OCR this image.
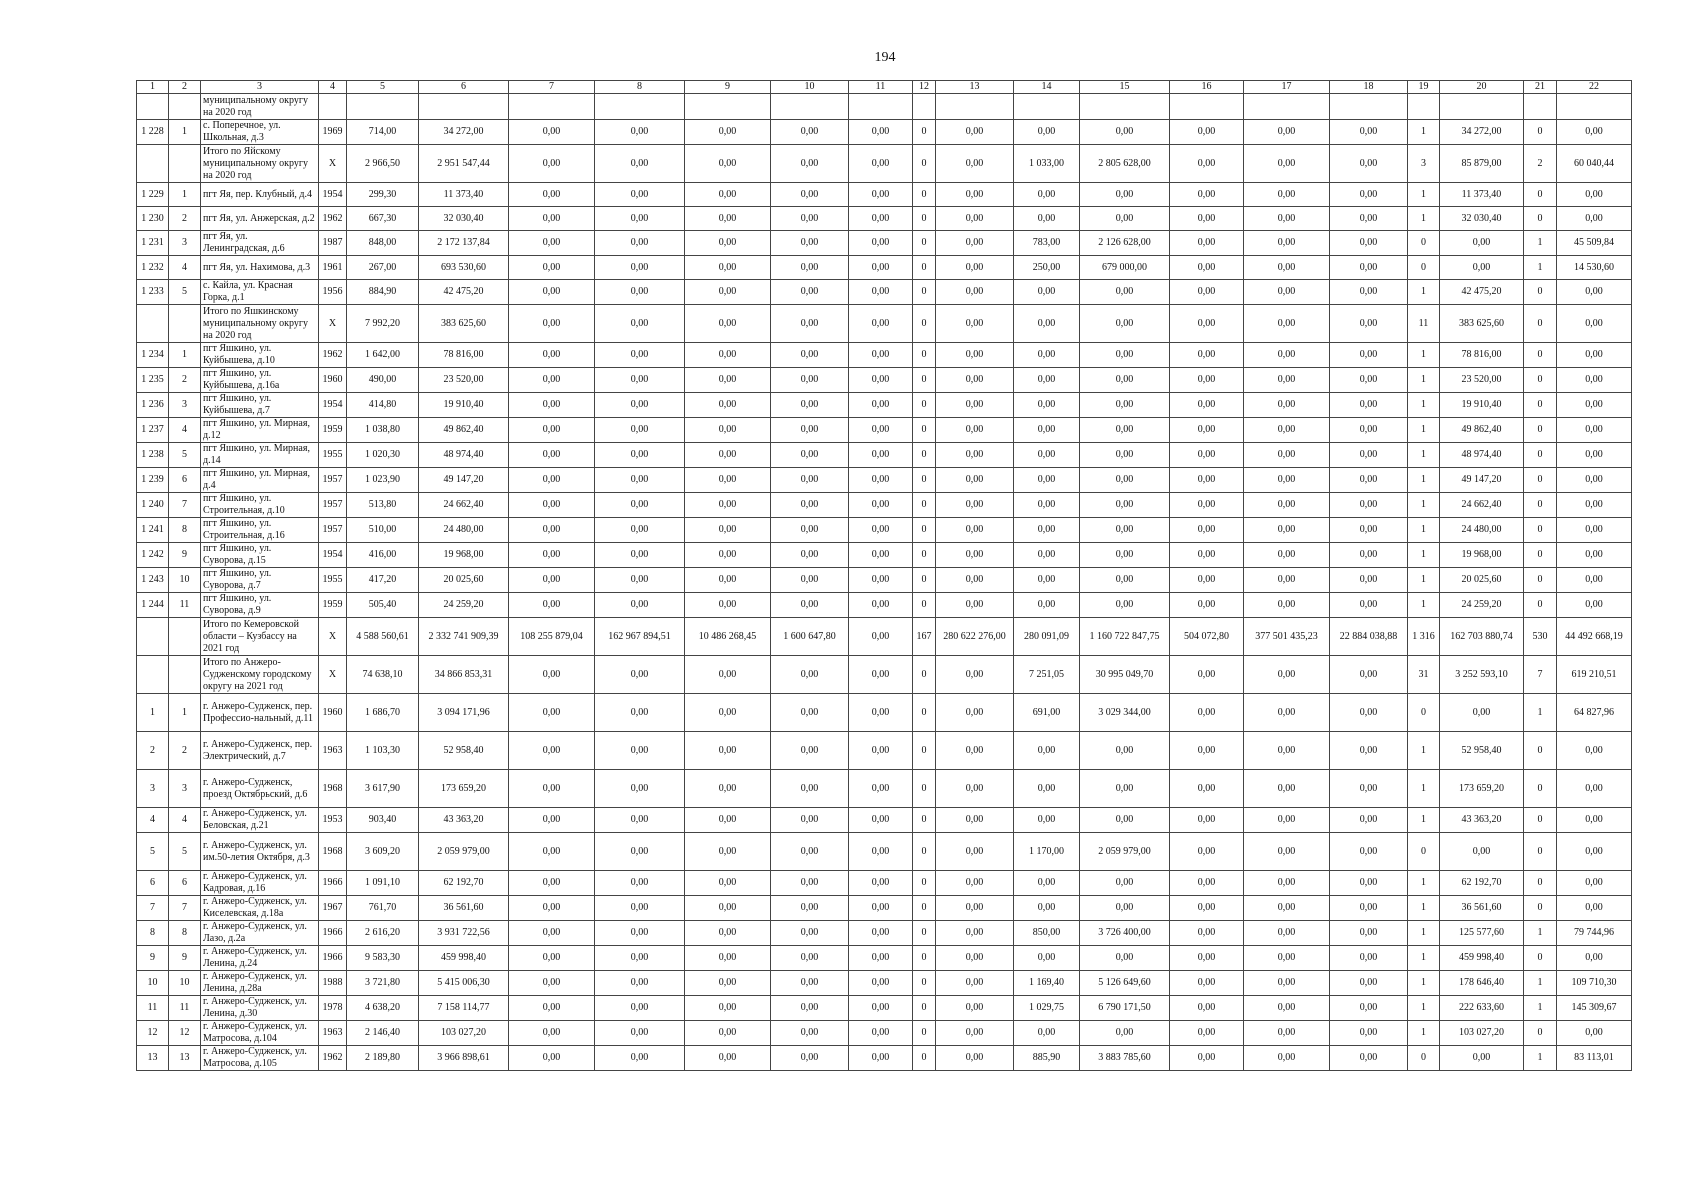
194
1	2	3	4	5	6	7	8	9	10	11	12	13	14	15	16	17	18	19	20	21	22
		муниципальному округу на 2020 год																			
1 228	1	с. Поперечное, ул. Школьная, д.3	1969	714,00	34 272,00	0,00	0,00	0,00	0,00	0,00	0	0,00	0,00	0,00	0,00	0,00	0,00	1	34 272,00	0	0,00
		Итого по Яйскому муниципальному округу на 2020 год	X	2 966,50	2 951 547,44	0,00	0,00	0,00	0,00	0,00	0	0,00	1 033,00	2 805 628,00	0,00	0,00	0,00	3	85 879,00	2	60 040,44
1 229	1	пгт Яя, пер. Клубный, д.4	1954	299,30	11 373,40	0,00	0,00	0,00	0,00	0,00	0	0,00	0,00	0,00	0,00	0,00	0,00	1	11 373,40	0	0,00
1 230	2	пгт Яя, ул. Анжерская, д.2	1962	667,30	32 030,40	0,00	0,00	0,00	0,00	0,00	0	0,00	0,00	0,00	0,00	0,00	0,00	1	32 030,40	0	0,00
1 231	3	пгт Яя, ул. Ленинградская, д.6	1987	848,00	2 172 137,84	0,00	0,00	0,00	0,00	0,00	0	0,00	783,00	2 126 628,00	0,00	0,00	0,00	0	0,00	1	45 509,84
1 232	4	пгт Яя, ул. Нахимова, д.3	1961	267,00	693 530,60	0,00	0,00	0,00	0,00	0,00	0	0,00	250,00	679 000,00	0,00	0,00	0,00	0	0,00	1	14 530,60
1 233	5	с. Кайла, ул. Красная Горка, д.1	1956	884,90	42 475,20	0,00	0,00	0,00	0,00	0,00	0	0,00	0,00	0,00	0,00	0,00	0,00	1	42 475,20	0	0,00
		Итого по Яшкинскому муниципальному округу на 2020 год	X	7 992,20	383 625,60	0,00	0,00	0,00	0,00	0,00	0	0,00	0,00	0,00	0,00	0,00	0,00	11	383 625,60	0	0,00
1 234	1	пгт Яшкино, ул. Куйбышева, д.10	1962	1 642,00	78 816,00	0,00	0,00	0,00	0,00	0,00	0	0,00	0,00	0,00	0,00	0,00	0,00	1	78 816,00	0	0,00
1 235	2	пгт Яшкино, ул. Куйбышева, д.16а	1960	490,00	23 520,00	0,00	0,00	0,00	0,00	0,00	0	0,00	0,00	0,00	0,00	0,00	0,00	1	23 520,00	0	0,00
1 236	3	пгт Яшкино, ул. Куйбышева, д.7	1954	414,80	19 910,40	0,00	0,00	0,00	0,00	0,00	0	0,00	0,00	0,00	0,00	0,00	0,00	1	19 910,40	0	0,00
1 237	4	пгт Яшкино, ул. Мирная, д.12	1959	1 038,80	49 862,40	0,00	0,00	0,00	0,00	0,00	0	0,00	0,00	0,00	0,00	0,00	0,00	1	49 862,40	0	0,00
1 238	5	пгт Яшкино, ул. Мирная, д.14	1955	1 020,30	48 974,40	0,00	0,00	0,00	0,00	0,00	0	0,00	0,00	0,00	0,00	0,00	0,00	1	48 974,40	0	0,00
1 239	6	пгт Яшкино, ул. Мирная, д.4	1957	1 023,90	49 147,20	0,00	0,00	0,00	0,00	0,00	0	0,00	0,00	0,00	0,00	0,00	0,00	1	49 147,20	0	0,00
1 240	7	пгт Яшкино, ул. Строительная, д.10	1957	513,80	24 662,40	0,00	0,00	0,00	0,00	0,00	0	0,00	0,00	0,00	0,00	0,00	0,00	1	24 662,40	0	0,00
1 241	8	пгт Яшкино, ул. Строительная, д.16	1957	510,00	24 480,00	0,00	0,00	0,00	0,00	0,00	0	0,00	0,00	0,00	0,00	0,00	0,00	1	24 480,00	0	0,00
1 242	9	пгт Яшкино, ул. Суворова, д.15	1954	416,00	19 968,00	0,00	0,00	0,00	0,00	0,00	0	0,00	0,00	0,00	0,00	0,00	0,00	1	19 968,00	0	0,00
1 243	10	пгт Яшкино, ул. Суворова, д.7	1955	417,20	20 025,60	0,00	0,00	0,00	0,00	0,00	0	0,00	0,00	0,00	0,00	0,00	0,00	1	20 025,60	0	0,00
1 244	11	пгт Яшкино, ул. Суворова, д.9	1959	505,40	24 259,20	0,00	0,00	0,00	0,00	0,00	0	0,00	0,00	0,00	0,00	0,00	0,00	1	24 259,20	0	0,00
		Итого по Кемеровской области – Кузбассу на 2021 год	X	4 588 560,61	2 332 741 909,39	108 255 879,04	162 967 894,51	10 486 268,45	1 600 647,80	0,00	167	280 622 276,00	280 091,09	1 160 722 847,75	504 072,80	377 501 435,23	22 884 038,88	1 316	162 703 880,74	530	44 492 668,19
		Итого по Анжеро-Судженскому городскому округу на 2021 год	X	74 638,10	34 866 853,31	0,00	0,00	0,00	0,00	0,00	0	0,00	7 251,05	30 995 049,70	0,00	0,00	0,00	31	3 252 593,10	7	619 210,51
1	1	г. Анжеро-Судженск, пер. Профессио-нальный, д.11	1960	1 686,70	3 094 171,96	0,00	0,00	0,00	0,00	0,00	0	0,00	691,00	3 029 344,00	0,00	0,00	0,00	0	0,00	1	64 827,96
2	2	г. Анжеро-Судженск, пер. Электрический, д.7	1963	1 103,30	52 958,40	0,00	0,00	0,00	0,00	0,00	0	0,00	0,00	0,00	0,00	0,00	0,00	1	52 958,40	0	0,00
3	3	г. Анжеро-Судженск, проезд Октябрьский, д.6	1968	3 617,90	173 659,20	0,00	0,00	0,00	0,00	0,00	0	0,00	0,00	0,00	0,00	0,00	0,00	1	173 659,20	0	0,00
4	4	г. Анжеро-Судженск, ул. Беловская, д.21	1953	903,40	43 363,20	0,00	0,00	0,00	0,00	0,00	0	0,00	0,00	0,00	0,00	0,00	0,00	1	43 363,20	0	0,00
5	5	г. Анжеро-Судженск, ул. им.50-летия Октября, д.3	1968	3 609,20	2 059 979,00	0,00	0,00	0,00	0,00	0,00	0	0,00	1 170,00	2 059 979,00	0,00	0,00	0,00	0	0,00	0	0,00
6	6	г. Анжеро-Судженск, ул. Кадровая, д.16	1966	1 091,10	62 192,70	0,00	0,00	0,00	0,00	0,00	0	0,00	0,00	0,00	0,00	0,00	0,00	1	62 192,70	0	0,00
7	7	г. Анжеро-Судженск, ул. Киселевская, д.18а	1967	761,70	36 561,60	0,00	0,00	0,00	0,00	0,00	0	0,00	0,00	0,00	0,00	0,00	0,00	1	36 561,60	0	0,00
8	8	г. Анжеро-Судженск, ул. Лазо, д.2а	1966	2 616,20	3 931 722,56	0,00	0,00	0,00	0,00	0,00	0	0,00	850,00	3 726 400,00	0,00	0,00	0,00	1	125 577,60	1	79 744,96
9	9	г. Анжеро-Судженск, ул. Ленина, д.24	1966	9 583,30	459 998,40	0,00	0,00	0,00	0,00	0,00	0	0,00	0,00	0,00	0,00	0,00	0,00	1	459 998,40	0	0,00
10	10	г. Анжеро-Судженск, ул. Ленина, д.28а	1988	3 721,80	5 415 006,30	0,00	0,00	0,00	0,00	0,00	0	0,00	1 169,40	5 126 649,60	0,00	0,00	0,00	1	178 646,40	1	109 710,30
11	11	г. Анжеро-Судженск, ул. Ленина, д.30	1978	4 638,20	7 158 114,77	0,00	0,00	0,00	0,00	0,00	0	0,00	1 029,75	6 790 171,50	0,00	0,00	0,00	1	222 633,60	1	145 309,67
12	12	г. Анжеро-Судженск, ул. Матросова, д.104	1963	2 146,40	103 027,20	0,00	0,00	0,00	0,00	0,00	0	0,00	0,00	0,00	0,00	0,00	0,00	1	103 027,20	0	0,00
13	13	г. Анжеро-Судженск, ул. Матросова, д.105	1962	2 189,80	3 966 898,61	0,00	0,00	0,00	0,00	0,00	0	0,00	885,90	3 883 785,60	0,00	0,00	0,00	0	0,00	1	83 113,01
